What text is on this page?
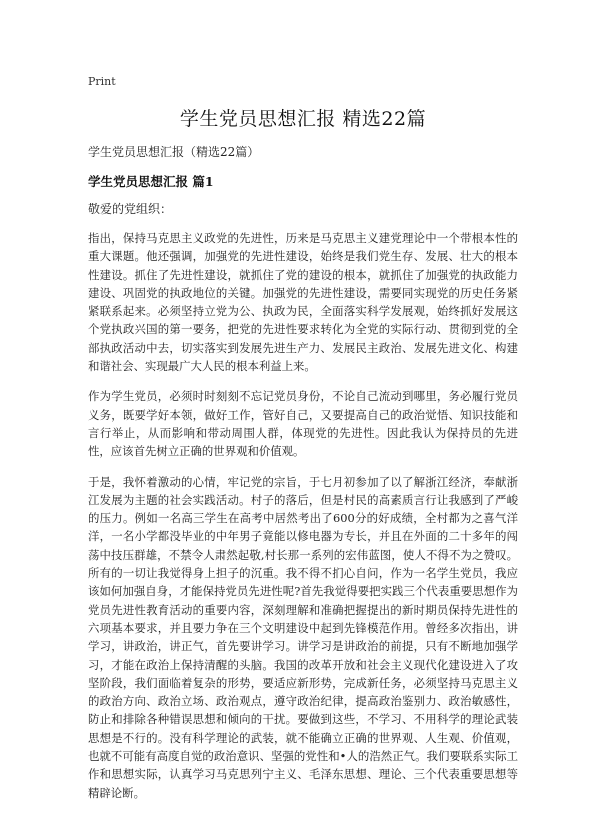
Print
学生党员思想汇报 精选22篇

学生党员思想汇报（精选22篇）

学生党员思想汇报 篇1

敬爱的党组织：

指出，保持马克思主义政党的先进性，历来是马克思主义建党理论中一个带根本性的重大课题。他还强调，加强党的先进性建设，始终是我们党生存、发展、壮大的根本性建设。抓住了先进性建设，就抓住了党的建设的根本，就抓住了加强党的执政能力建设、巩固党的执政地位的关键。加强党的先进性建设，需要同实现党的历史任务紧紧联系起来。必须坚持立党为公、执政为民，全面落实科学发展观，始终抓好发展这个党执政兴国的第一要务，把党的先进性要求转化为全党的实际行动、贯彻到党的全部执政活动中去，切实落实到发展先进生产力、发展民主政治、发展先进文化、构建和谐社会、实现最广大人民的根本利益上来。

作为学生党员，必须时时刻刻不忘记党员身份，不论自己流动到哪里，务必履行党员义务，既要学好本领，做好工作，管好自己，又要提高自己的政治觉悟、知识技能和言行举止，从而影响和带动周围人群，体现党的先进性。因此我认为保持员的先进性，应该首先树立正确的世界观和价值观。

于是，我怀着激动的心情，牢记党的宗旨，于七月初参加了以了解浙江经济，奉献浙江发展为主题的社会实践活动。村子的落后，但是村民的高素质言行让我感到了严峻的压力。例如一名高三学生在高考中居然考出了600分的好成绩，全村都为之喜气洋洋，一名小学都没毕业的中年男子竟能以修电器为专长，并且在外面的二十多年的闯荡中技压群雄，不禁令人肃然起敬,村长那一系列的宏伟蓝图，使人不得不为之赞叹。所有的一切让我觉得身上担子的沉重。我不得不扪心自问，作为一名学生党员，我应该如何加强自身，才能保持党员先进性呢?首先我觉得要把实践三个代表重要思想作为党员先进性教育活动的重要内容，深刻理解和准确把握提出的新时期员保持先进性的六项基本要求，并且要力争在三个文明建设中起到先锋模范作用。曾经多次指出，讲学习，讲政治，讲正气，首先要讲学习。讲学习是讲政治的前提，只有不断地加强学习，才能在政治上保持清醒的头脑。我国的改革开放和社会主义现代化建设进入了攻坚阶段，我们面临着复杂的形势，要适应新形势，完成新任务，必须坚持马克思主义的政治方向、政治立场、政治观点，遵守政治纪律，提高政治鉴别力、政治敏感性，防止和排除各种错误思想和倾向的干扰。要做到这些，不学习、不用科学的理论武装思想是不行的。没有科学理论的武装，就不能确立正确的世界观、人生观、价值观，也就不可能有高度自觉的政治意识、坚强的党性和•人的浩然正气。我们要联系实际工作和思想实际，认真学习马克思列宁主义、毛泽东思想、理论、三个代表重要思想等精辟论断。
